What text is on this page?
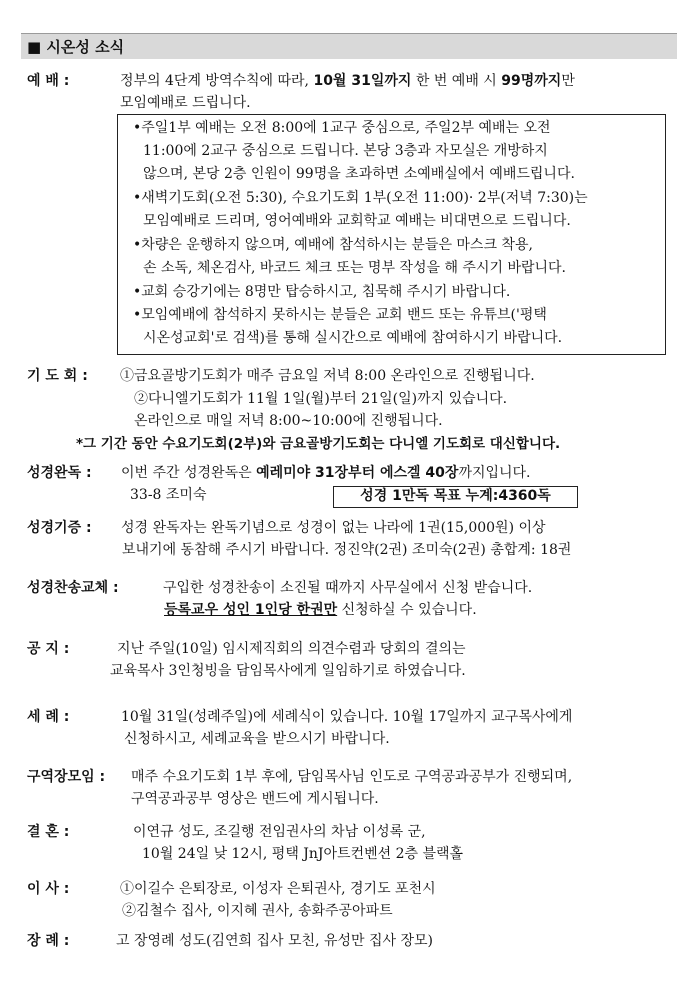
■ 시온성 소식
예 배 :	정부의 4단계 방역수칙에 따라, 10월 31일까지 한 번 예배 시 99명까지만
모임예배로 드립니다.
•주일1부 예배는 오전 8:00에 1교구 중심으로, 주일2부 예배는 오전
11:00에 2교구 중심으로 드립니다. 본당 3층과 자모실은 개방하지
않으며, 본당 2층 인원이 99명을 초과하면 소예배실에서 예배드립니다.
•새벽기도회(오전 5:30), 수요기도회 1부(오전 11:00)· 2부(저녁 7:30)는
모임예배로 드리며, 영어예배와 교회학교 예배는 비대면으로 드립니다.
•차량은 운행하지 않으며, 예배에 참석하시는 분들은 마스크 착용,
손 소독, 체온검사, 바코드 체크 또는 명부 작성을 해 주시기 바랍니다.
•교회 승강기에는 8명만 탑승하시고, 침묵해 주시기 바랍니다.
•모임예배에 참석하지 못하시는 분들은 교회 밴드 또는 유튜브('평택
시온성교회'로 검색)를 통해 실시간으로 예배에 참여하시기 바랍니다.
기 도 회 : ①금요골방기도회가 매주 금요일 저녁 8:00 온라인으로 진행됩니다.
②다니엘기도회가 11월 1일(월)부터 21일(일)까지 있습니다.
온라인으로 매일 저녁 8:00~10:00에 진행됩니다.
*그 기간 동안 수요기도회(2부)와 금요골방기도회는 다니엘 기도회로 대신합니다.
성경완독 : 이번 주간 성경완독은 예레미야 31장부터 에스겔 40장까지입니다.
33-8 조미숙	성경 1만독 목표 누계:4360독
성경기증 : 성경 완독자는 완독기념으로 성경이 없는 나라에 1권(15,000원) 이상
보내기에 동참해 주시기 바랍니다. 정진약(2권) 조미숙(2권) 총합계: 18권
성경찬송교체 :	구입한 성경찬송이 소진될 때까지 사무실에서 신청 받습니다.
등록교우 성인 1인당 한권만 신청하실 수 있습니다.
공 지 :	지난 주일(10일) 임시제직회의 의견수렴과 당회의 결의는
교육목사 3인청빙을 담임목사에게 일임하기로 하였습니다.
세 례 :	10월 31일(성례주일)에 세례식이 있습니다. 10월 17일까지 교구목사에게
신청하시고, 세례교육을 받으시기 바랍니다.
구역장모임 : 매주 수요기도회 1부 후에, 담임목사님 인도로 구역공과공부가 진행되며,
구역공과공부 영상은 밴드에 게시됩니다.
결 혼 :	이연규 성도, 조길행 전임권사의 차남 이성록 군,
10월 24일 낮 12시, 평택 JnJ아트컨벤션 2층 블랙홀
이 사 :	①이길수 은퇴장로, 이성자 은퇴권사, 경기도 포천시
②김철수 집사, 이지혜 권사, 송화주공아파트
장 례 :	고 장영례 성도(김연희 집사 모친, 유성만 집사 장모)
